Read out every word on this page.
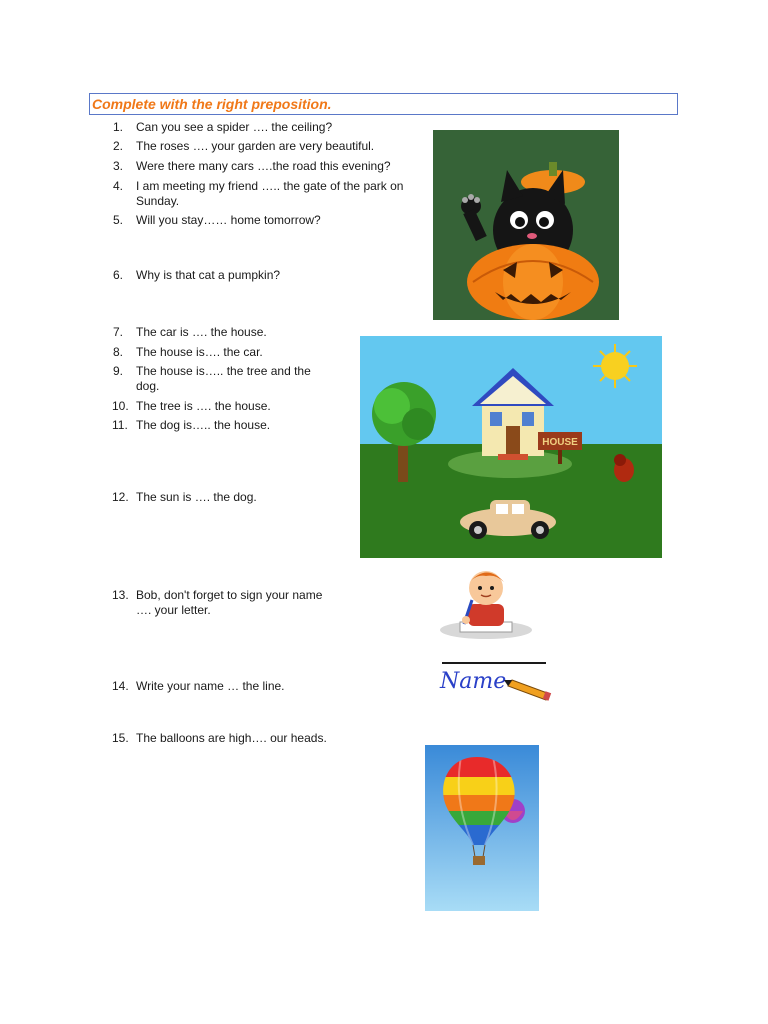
Complete with the right preposition.
1.	Can you see a spider …. the ceiling?
2.	The roses …. your garden are very beautiful.
3.	Were there many cars ….the road this evening?
4.	I am meeting my friend ….. the gate of the park on Sunday.
5.	Will you stay…… home tomorrow?
6.	Why is that cat a pumpkin?
7.	The car is …. the house.
8.	The house is…. the car.
9.	The house is….. the tree and the dog.
10. The tree is …. the house.
11. The dog is….. the house.
12. The sun is …. the dog.
13. Bob, don't forget to sign your name …. your letter.
14. Write your name … the line.
15. The balloons are high…. our heads.
HOUSE
Name
